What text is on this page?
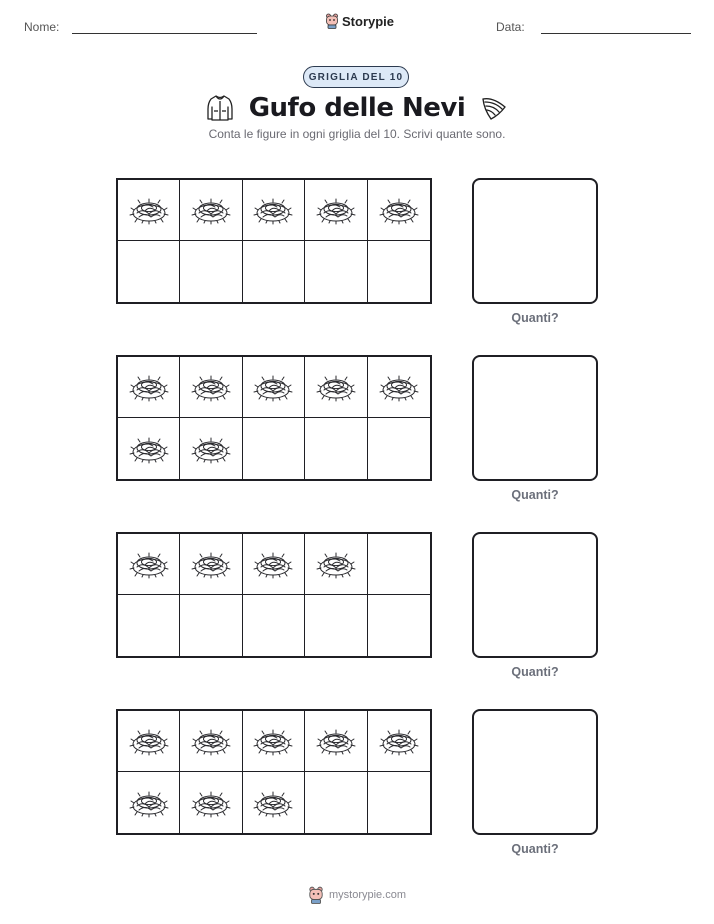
Nome:	Storypie	Data:
GRIGLIA DEL 10
Gufo delle Nevi
Conta le figure in ogni griglia del 10. Scrivi quante sono.
Quanti?
Quanti?
Quanti?
Quanti?
mystorypie.com
